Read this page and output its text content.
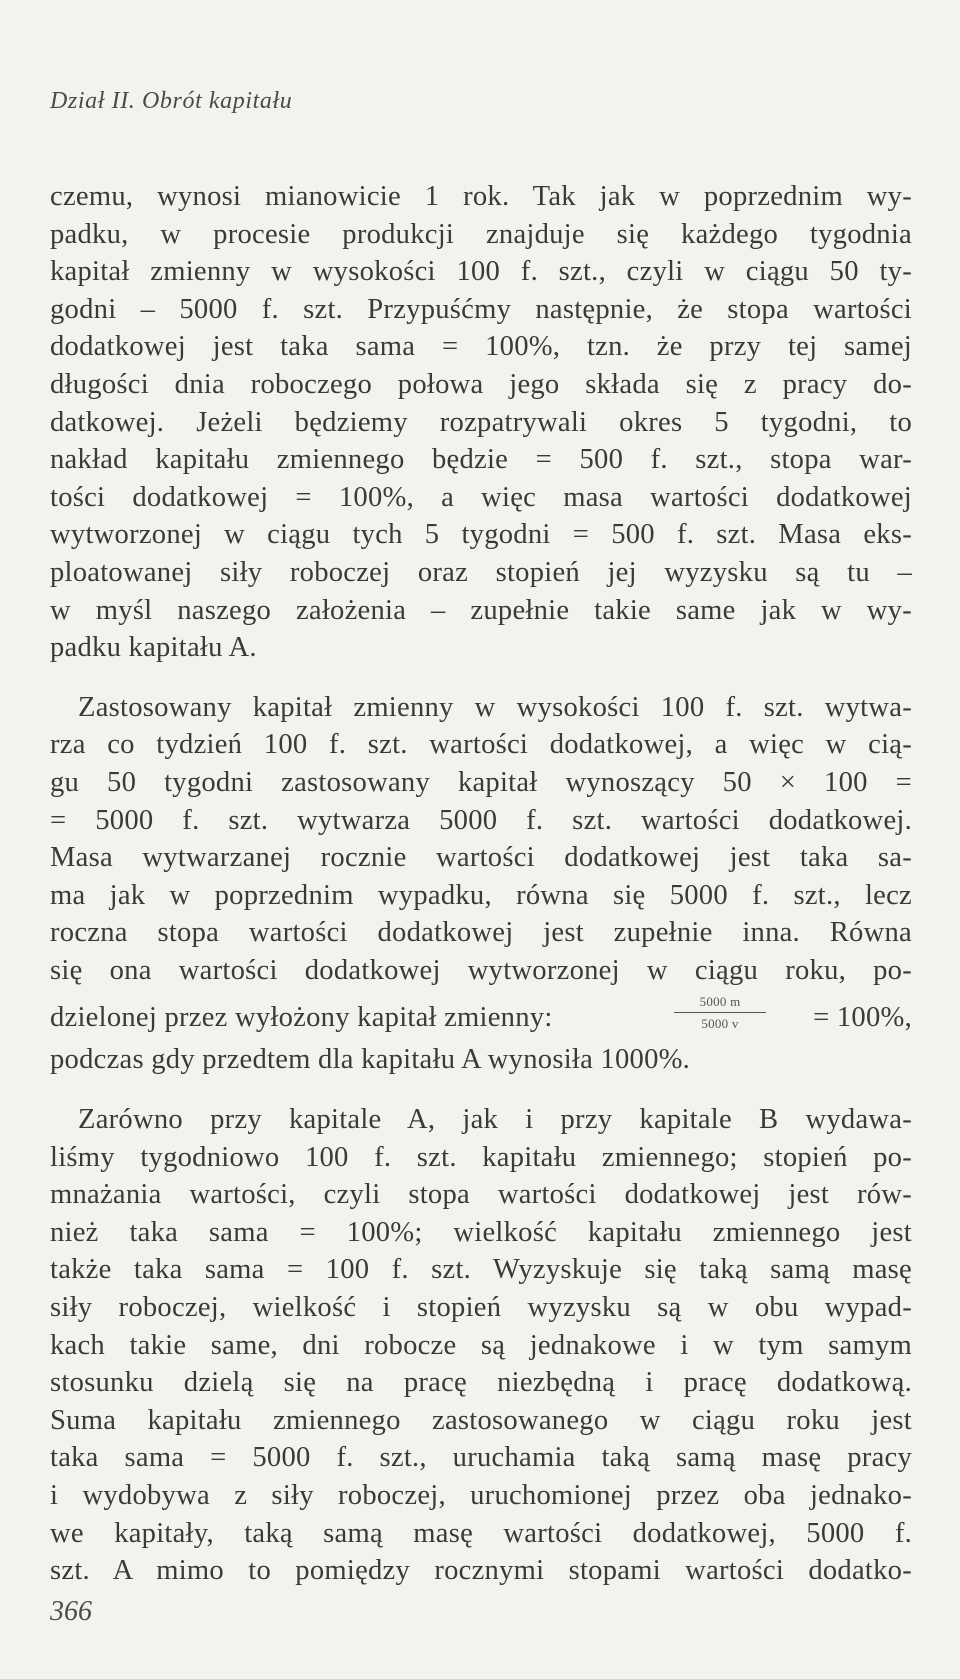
Dział II. Obrót kapitału
czemu, wynosi mianowicie 1 rok. Tak jak w poprzednim wy-
padku, w procesie produkcji znajduje się każdego tygodnia
kapitał zmienny w wysokości 100 f. szt., czyli w ciągu 50 ty-
godni – 5000 f. szt. Przypuśćmy następnie, że stopa wartości
dodatkowej jest taka sama = 100%, tzn. że przy tej samej
długości dnia roboczego połowa jego składa się z pracy do-
datkowej. Jeżeli będziemy rozpatrywali okres 5 tygodni, to
nakład kapitału zmiennego będzie = 500 f. szt., stopa war-
tości dodatkowej = 100%, a więc masa wartości dodatkowej
wytworzonej w ciągu tych 5 tygodni = 500 f. szt. Masa eks-
ploatowanej siły roboczej oraz stopień jej wyzysku są tu –
w myśl naszego założenia – zupełnie takie same jak w wy-
padku kapitału A.
Zastosowany kapitał zmienny w wysokości 100 f. szt. wytwa-
rza co tydzień 100 f. szt. wartości dodatkowej, a więc w cią-
gu 50 tygodni zastosowany kapitał wynoszący 50 × 100 =
= 5000 f. szt. wytwarza 5000 f. szt. wartości dodatkowej.
Masa wytwarzanej rocznie wartości dodatkowej jest taka sa-
ma jak w poprzednim wypadku, równa się 5000 f. szt., lecz
roczna stopa wartości dodatkowej jest zupełnie inna. Równa
się ona wartości dodatkowej wytworzonej w ciągu roku, po-
dzielonej przez wyłożony kapitał zmienny:
5000 m
5000 v	= 100%,
podczas gdy przedtem dla kapitału A wynosiła 1000%.
Zarówno przy kapitale A, jak i przy kapitale B wydawa-
liśmy tygodniowo 100 f. szt. kapitału zmiennego; stopień po-
mnażania wartości, czyli stopa wartości dodatkowej jest rów-
nież taka sama = 100%; wielkość kapitału zmiennego jest
także taka sama = 100 f. szt. Wyzyskuje się taką samą masę
siły roboczej, wielkość i stopień wyzysku są w obu wypad-
kach takie same, dni robocze są jednakowe i w tym samym
stosunku dzielą się na pracę niezbędną i pracę dodatkową.
Suma kapitału zmiennego zastosowanego w ciągu roku jest
taka sama = 5000 f. szt., uruchamia taką samą masę pracy
i wydobywa z siły roboczej, uruchomionej przez oba jednako-
we kapitały, taką samą masę wartości dodatkowej, 5000 f.
szt. A mimo to pomiędzy rocznymi stopami wartości dodatko-
366
